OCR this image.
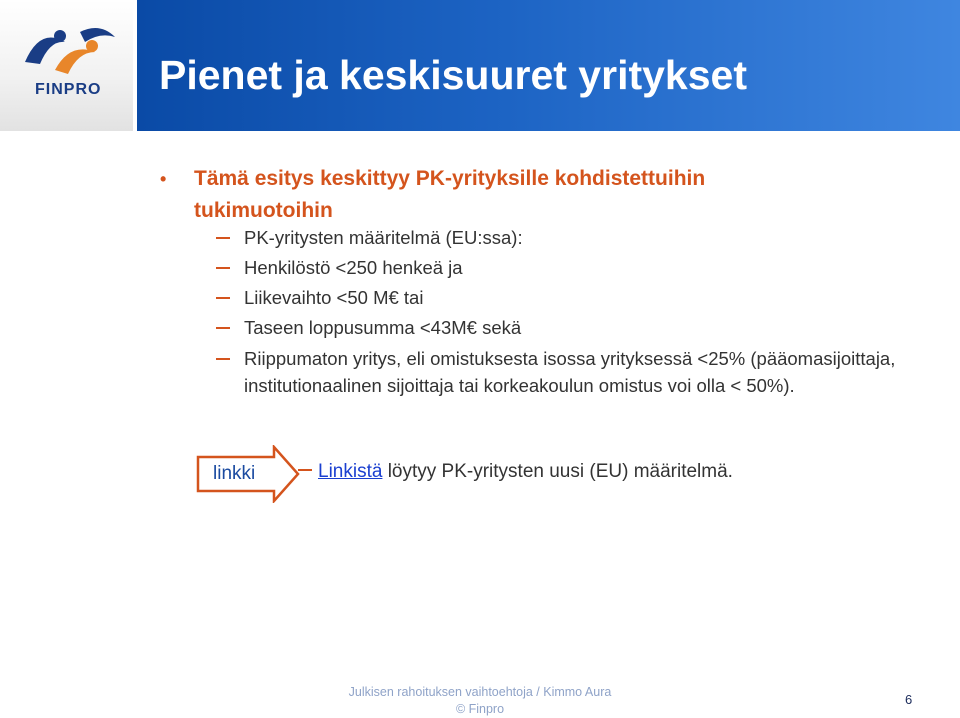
FINPRO Pienet ja keskisuuret yritykset
•	Tämä esitys keskittyy PK-yrityksille kohdistettuihin tukimuotoihin
PK-yritysten määritelmä (EU:ssa):
Henkilöstö <250 henkeä ja
Liikevaihto <50 M€ tai
Taseen loppusumma <43M€ sekä
Riippumaton yritys, eli omistuksesta isossa yrityksessä <25% (pääomasijoittaja, institutionaalinen sijoittaja tai korkeakoulun omistus voi olla < 50%).
linkki	Linkistä löytyy PK-yritysten uusi (EU) määritelmä.
Julkisen rahoituksen vaihtoehtoja / Kimmo Aura
© Finpro
6
